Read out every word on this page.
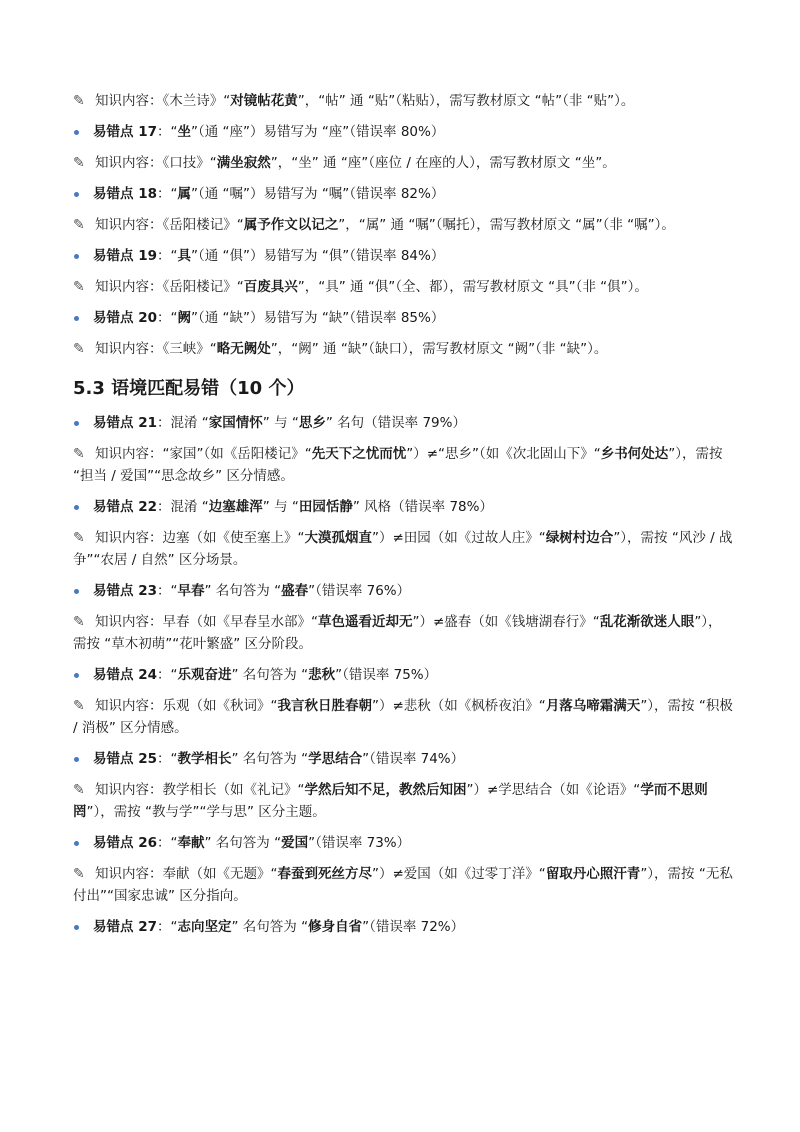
✎ 知识内容：《木兰诗》“对镜帖花黄”，“帖” 通 “贴”（粘贴），需写教材原文 “帖”（非 “贴”）。
易错点 17：“坐”（通 “座”）易错写为 “座”（错误率 80%）
✎ 知识内容：《口技》“满坐寂然”，“坐” 通 “座”（座位 / 在座的人），需写教材原文 “坐”。
易错点 18：“属”（通 “嘱”）易错写为 “嘱”（错误率 82%）
✎ 知识内容：《岳阳楼记》“属予作文以记之”，“属” 通 “嘱”（嘱托），需写教材原文 “属”（非 “嘱”）。
易错点 19：“具”（通 “俱”）易错写为 “俱”（错误率 84%）
✎ 知识内容：《岳阳楼记》“百废具兴”，“具” 通 “俱”（全、都），需写教材原文 “具”（非 “俱”）。
易错点 20：“阙”（通 “缺”）易错写为 “缺”（错误率 85%）
✎ 知识内容：《三峡》“略无阙处”，“阙” 通 “缺”（缺口），需写教材原文 “阙”（非 “缺”）。
5.3 语境匹配易错（10 个）
易错点 21：混淆 “家国情怀” 与 “思乡” 名句（错误率 79%）
✎ 知识内容：“家国”（如《岳阳楼记》“先天下之忧而忧”）≠“思乡”（如《次北固山下》“乡书何处达”），需按 “担当 / 爱国”“思念故乡” 区分情感。
易错点 22：混淆 “边塞雄浑” 与 “田园恬静” 风格（错误率 78%）
✎ 知识内容：边塞（如《使至塞上》“大漠孤烟直”）≠田园（如《过故人庄》“绿树村边合”），需按 “风沙 / 战争”“农居 / 自然” 区分场景。
易错点 23：“早春” 名句答为 “盛春”（错误率 76%）
✎ 知识内容：早春（如《早春呈水部》“草色遥看近却无”）≠盛春（如《钱塘湖春行》“乱花渐欲迷人眼”），需按 “草木初萌”“花叶繁盛” 区分阶段。
易错点 24：“乐观奋进” 名句答为 “悲秋”（错误率 75%）
✎ 知识内容：乐观（如《秋词》“我言秋日胜春朝”）≠悲秋（如《枫桥夜泊》“月落乌啼霜满天”），需按 “积极 / 消极” 区分情感。
易错点 25：“教学相长” 名句答为 “学思结合”（错误率 74%）
✎ 知识内容：教学相长（如《礼记》“学然后知不足，教然后知困”）≠学思结合（如《论语》“学而不思则罔”），需按 “教与学”“学与思” 区分主题。
易错点 26：“奉献” 名句答为 “爱国”（错误率 73%）
✎ 知识内容：奉献（如《无题》“春蚕到死丝方尽”）≠爱国（如《过零丁洋》“留取丹心照汗青”），需按 “无私付出”“国家忠诚” 区分指向。
易错点 27：“志向坚定” 名句答为 “修身自省”（错误率 72%）
